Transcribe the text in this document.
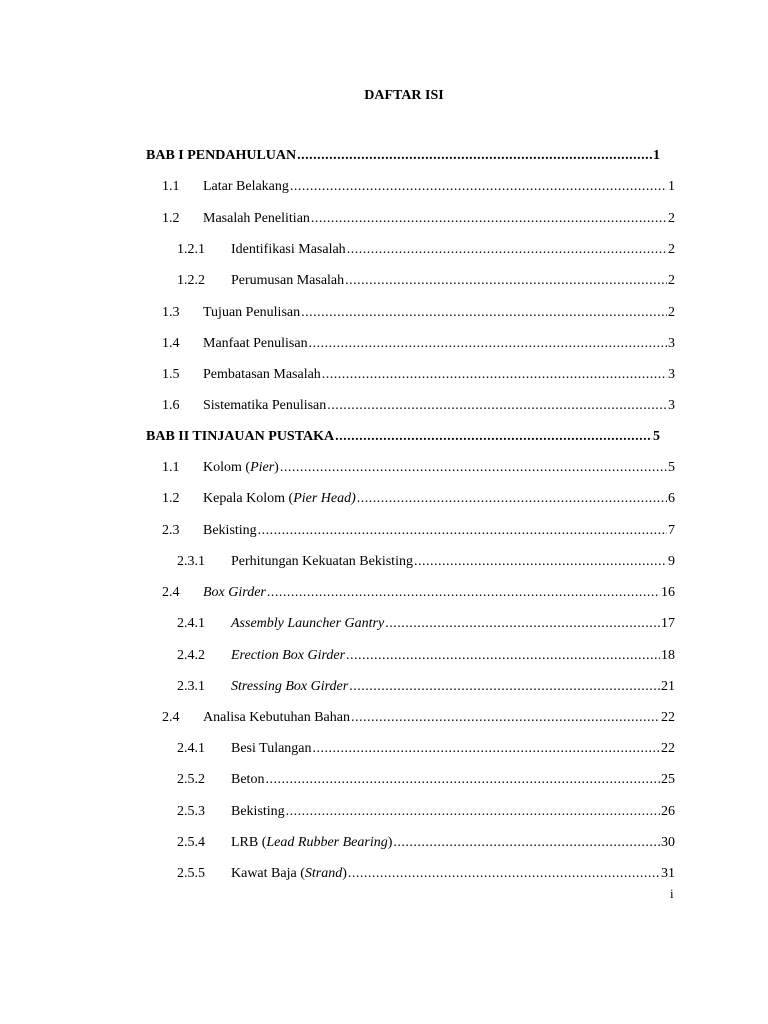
DAFTAR ISI
BAB I PENDAHULUAN .....	1
1.1	Latar Belakang .....	1
1.2	Masalah Penelitian .....	2
1.2.1	Identifikasi Masalah .....	2
1.2.2	Perumusan Masalah .....	2
1.3	Tujuan Penulisan .....	2
1.4	Manfaat Penulisan .....	3
1.5	Pembatasan Masalah .....	3
1.6	Sistematika Penulisan .....	3
BAB II TINJAUAN PUSTAKA .....	5
1.1	Kolom (Pier) .....	5
1.2	Kepala Kolom (Pier Head) .....	6
2.3	Bekisting .....	7
2.3.1	Perhitungan Kekuatan Bekisting .....	9
2.4	Box Girder .....	16
2.4.1	Assembly Launcher Gantry .....	17
2.4.2	Erection Box Girder .....	18
2.3.1	Stressing Box Girder .....	21
2.4	Analisa Kebutuhan Bahan .....	22
2.4.1	Besi Tulangan .....	22
2.5.2	Beton .....	25
2.5.3	Bekisting .....	26
2.5.4	LRB (Lead Rubber Bearing) .....	30
2.5.5	Kawat Baja (Strand) .....	31
i
